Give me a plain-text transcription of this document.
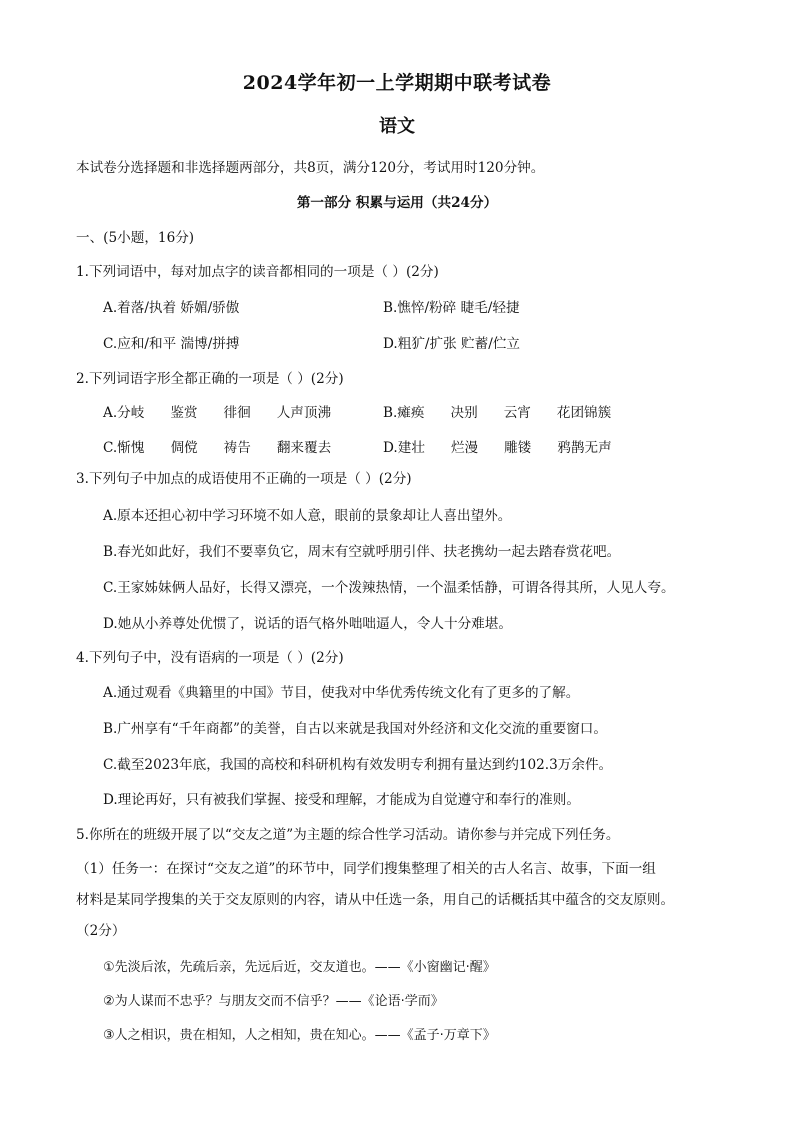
2024学年初一上学期期中联考试卷
语文
本试卷分选择题和非选择题两部分，共8页，满分120分，考试用时120分钟。
第一部分 积累与运用（共24分）
一、(5小题，16分)
1.下列词语中，每对加点字的读音都相同的一项是（ ）(2分)
A.着落/执着 娇媚/骄傲	B.憔悴/粉碎 睫毛/轻捷
C.应和/和平 湍博/拼搏	D.粗犷/扩张 贮蓄/伫立
2.下列词语字形全都正确的一项是（ ）(2分)
A.分岐 鉴赏 徘徊 人声顶沸	B.瘫痪 决别 云宵 花团锦簇
C.惭愧 倜傥 祷告 翻来覆去	D.建壮 烂漫 雕镂 鸦鹊无声
3.下列句子中加点的成语使用不正确的一项是（ ）(2分)
A.原本还担心初中学习环境不如人意，眼前的景象却让人喜出望外。
B.春光如此好，我们不要辜负它，周末有空就呼朋引伴、扶老携幼一起去踏春赏花吧。
C.王家姊妹俩人品好，长得又漂亮，一个泼辣热情，一个温柔恬静，可谓各得其所，人见人夸。
D.她从小养尊处优惯了，说话的语气格外咄咄逼人，令人十分难堪。
4.下列句子中，没有语病的一项是（ ）(2分)
A.通过观看《典籍里的中国》节目，使我对中华优秀传统文化有了更多的了解。
B.广州享有“千年商都”的美誉，自古以来就是我国对外经济和文化交流的重要窗口。
C.截至2023年底，我国的高校和科研机构有效发明专利拥有量达到约102.3万余件。
D.理论再好，只有被我们掌握、接受和理解，才能成为自觉遵守和奉行的准则。
5.你所在的班级开展了以“交友之道”为主题的综合性学习活动。请你参与并完成下列任务。
（1）任务一：在探讨“交友之道”的环节中，同学们搜集整理了相关的古人名言、故事，下面一组
材料是某同学搜集的关于交友原则的内容，请从中任选一条，用自己的话概括其中蕴含的交友原则。
（2分）
①先淡后浓，先疏后亲，先远后近，交友道也。——《小窗幽记·醒》
②为人谋而不忠乎？与朋友交而不信乎？——《论语·学而》
③人之相识，贵在相知，人之相知，贵在知心。——《孟子·万章下》
